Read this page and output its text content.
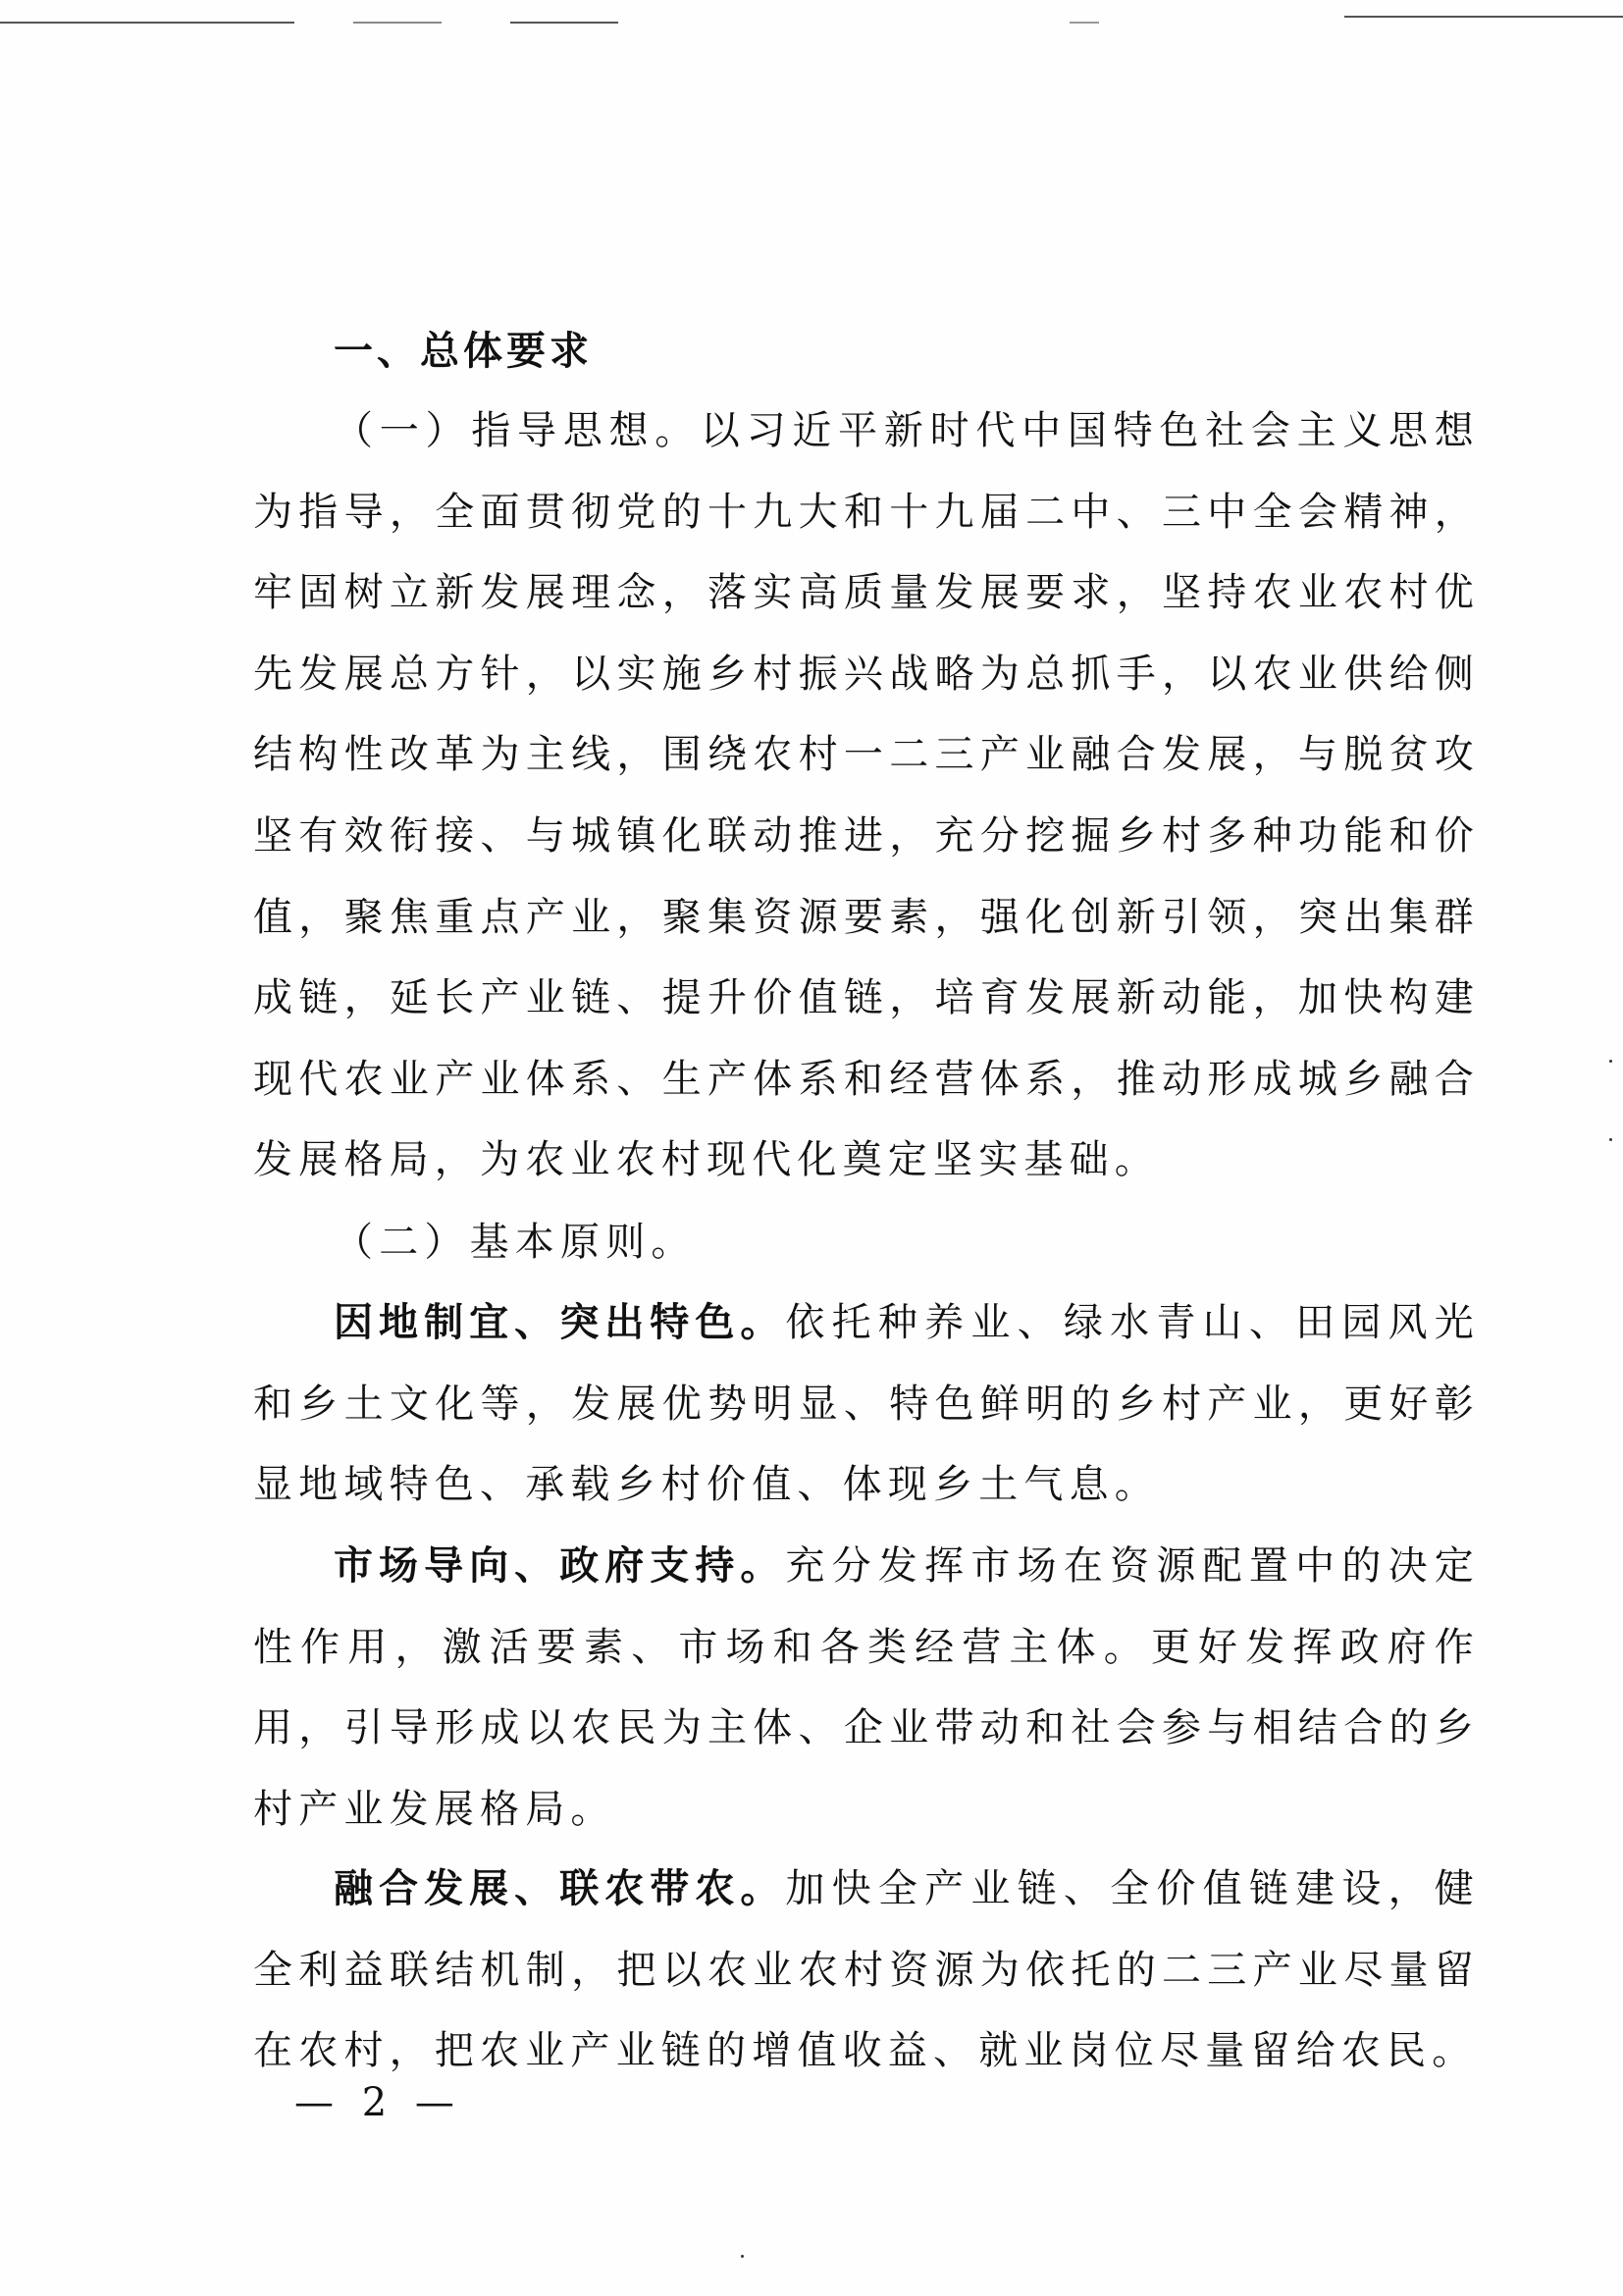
一、总体要求

（一）指导思想。以习近平新时代中国特色社会主义思想为指导，全面贯彻党的十九大和十九届二中、三中全会精神，牢固树立新发展理念，落实高质量发展要求，坚持农业农村优先发展总方针，以实施乡村振兴战略为总抓手，以农业供给侧结构性改革为主线，围绕农村一二三产业融合发展，与脱贫攻坚有效衔接、与城镇化联动推进，充分挖掘乡村多种功能和价值，聚焦重点产业，聚集资源要素，强化创新引领，突出集群成链，延长产业链、提升价值链，培育发展新动能，加快构建现代农业产业体系、生产体系和经营体系，推动形成城乡融合发展格局，为农业农村现代化奠定坚实基础。

（二）基本原则。

因地制宜、突出特色。依托种养业、绿水青山、田园风光和乡土文化等，发展优势明显、特色鲜明的乡村产业，更好彰显地域特色、承载乡村价值、体现乡土气息。

市场导向、政府支持。充分发挥市场在资源配置中的决定性作用，激活要素、市场和各类经营主体。更好发挥政府作用，引导形成以农民为主体、企业带动和社会参与相结合的乡村产业发展格局。

融合发展、联农带农。加快全产业链、全价值链建设，健全利益联结机制，把以农业农村资源为依托的二三产业尽量留在农村，把农业产业链的增值收益、就业岗位尽量留给农民。

— 2 —
